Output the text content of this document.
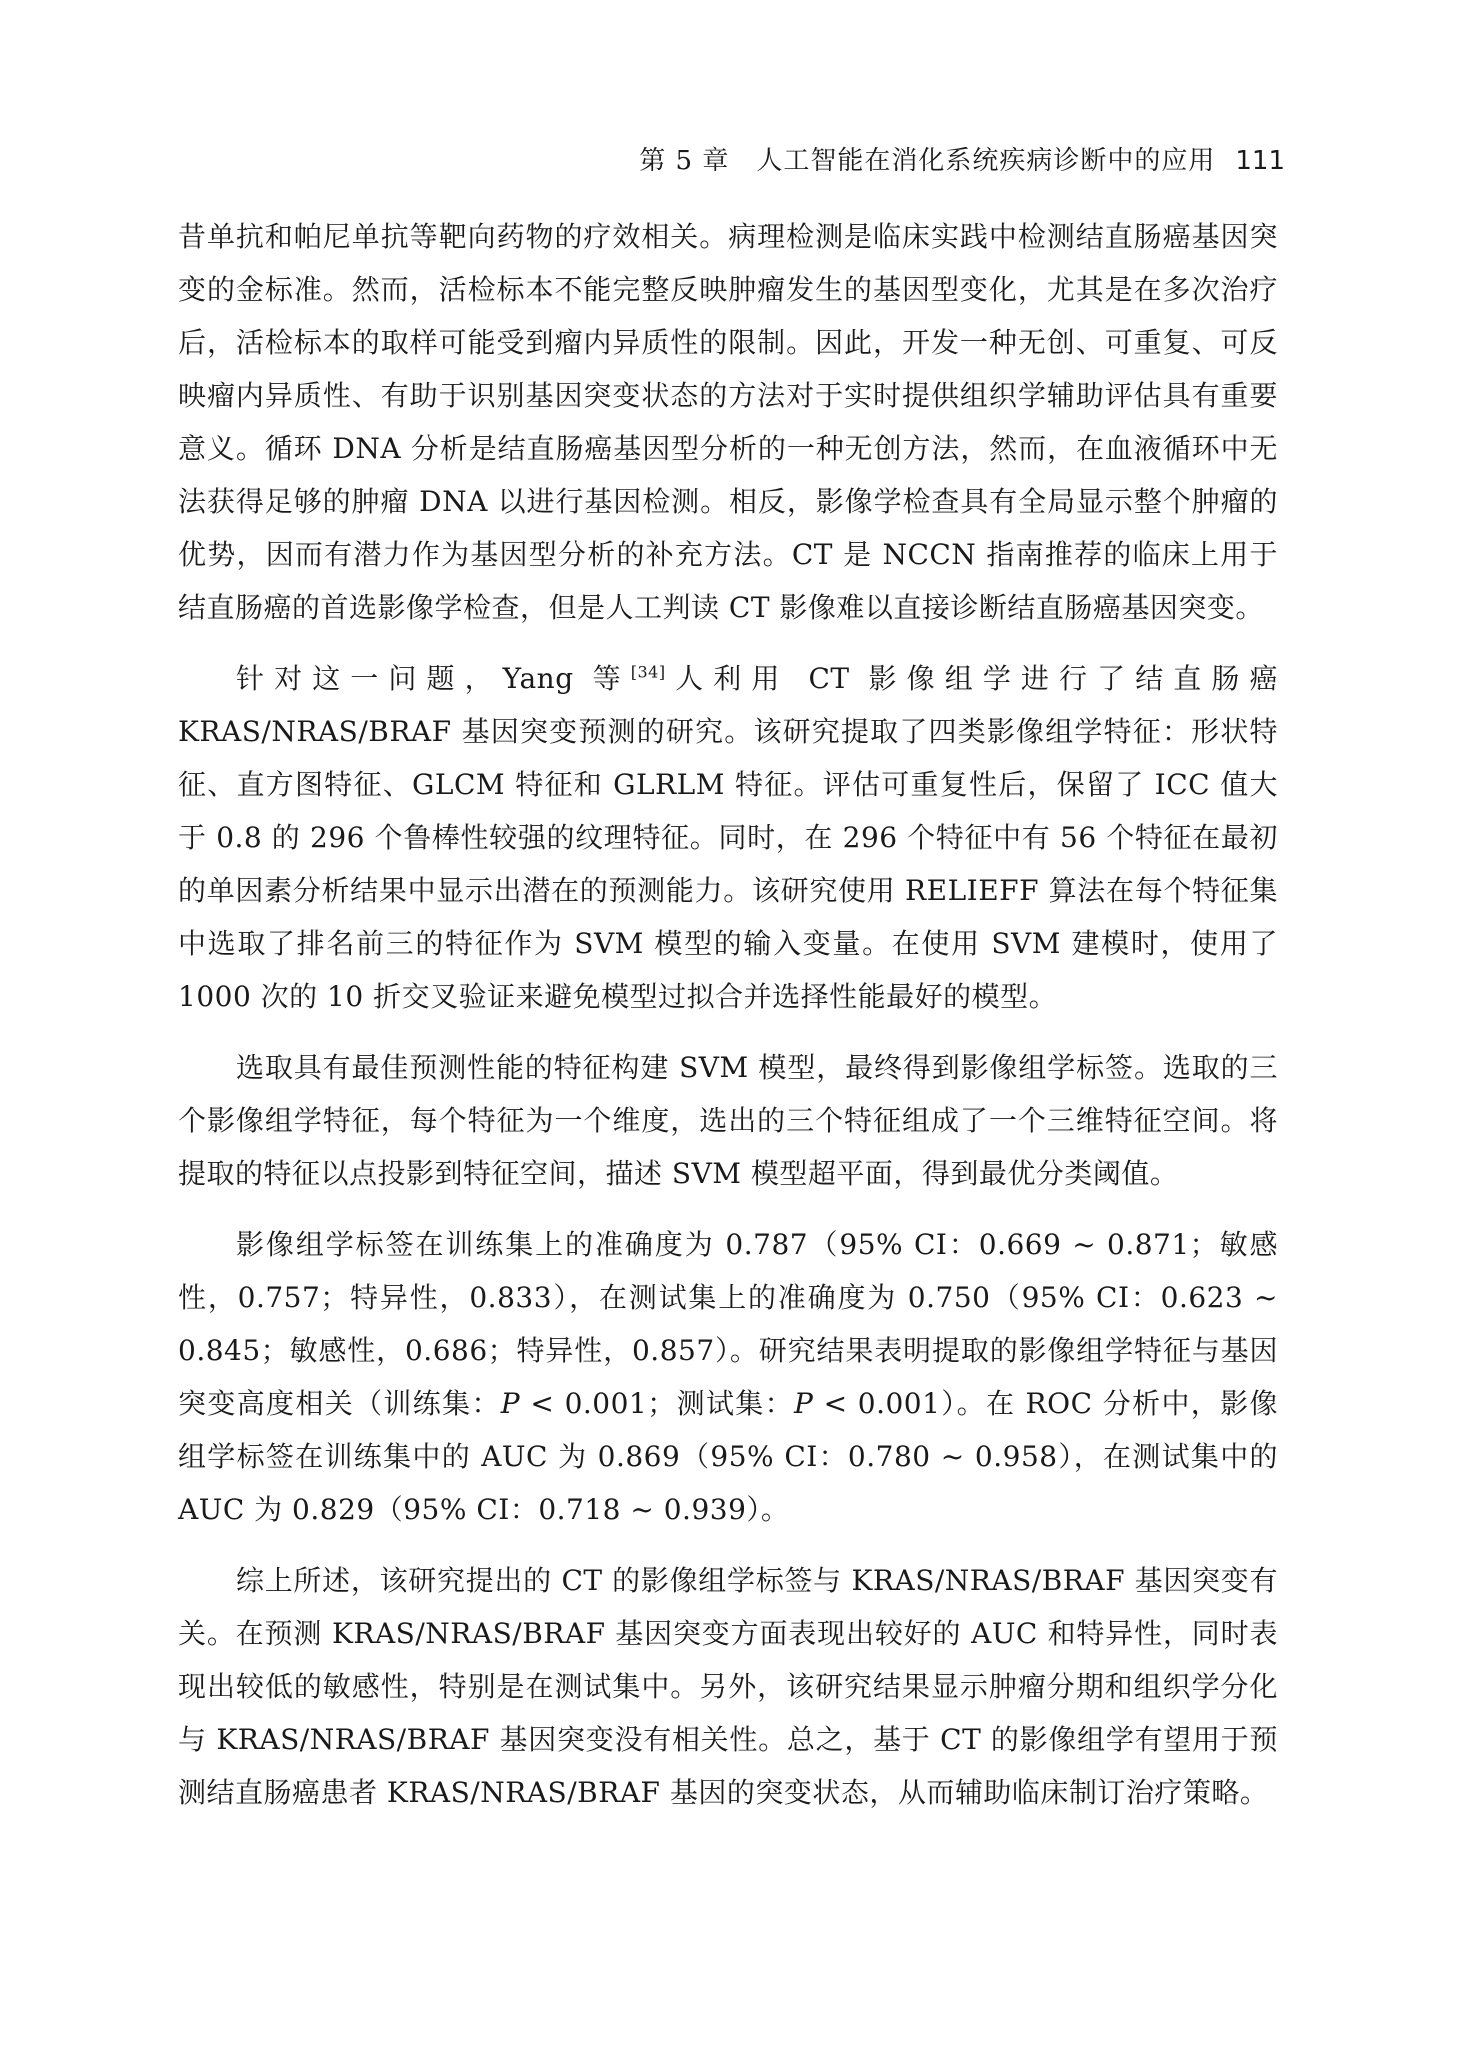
第 5 章　人工智能在消化系统疾病诊断中的应用 111

昔单抗和帕尼单抗等靶向药物的疗效相关。病理检测是临床实践中检测结直肠癌基因突变的金标准。然而，活检标本不能完整反映肿瘤发生的基因型变化，尤其是在多次治疗后，活检标本的取样可能受到瘤内异质性的限制。因此，开发一种无创、可重复、可反映瘤内异质性、有助于识别基因突变状态的方法对于实时提供组织学辅助评估具有重要意义。循环 DNA 分析是结直肠癌基因型分析的一种无创方法，然而，在血液循环中无法获得足够的肿瘤 DNA 以进行基因检测。相反，影像学检查具有全局显示整个肿瘤的优势，因而有潜力作为基因型分析的补充方法。CT 是 NCCN 指南推荐的临床上用于结直肠癌的首选影像学检查，但是人工判读 CT 影像难以直接诊断结直肠癌基因突变。

针对这一问题，Yang 等[34]人利用 CT 影像组学进行了结直肠癌 KRAS/NRAS/BRAF 基因突变预测的研究。该研究提取了四类影像组学特征：形状特征、直方图特征、GLCM 特征和 GLRLM 特征。评估可重复性后，保留了 ICC 值大于 0.8 的 296 个鲁棒性较强的纹理特征。同时，在 296 个特征中有 56 个特征在最初的单因素分析结果中显示出潜在的预测能力。该研究使用 RELIEFF 算法在每个特征集中选取了排名前三的特征作为 SVM 模型的输入变量。在使用 SVM 建模时，使用了 1000 次的 10 折交叉验证来避免模型过拟合并选择性能最好的模型。

选取具有最佳预测性能的特征构建 SVM 模型，最终得到影像组学标签。选取的三个影像组学特征，每个特征为一个维度，选出的三个特征组成了一个三维特征空间。将提取的特征以点投影到特征空间，描述 SVM 模型超平面，得到最优分类阈值。

影像组学标签在训练集上的准确度为 0.787（95% CI：0.669 ~ 0.871；敏感性，0.757；特异性，0.833），在测试集上的准确度为 0.750（95% CI：0.623 ~ 0.845；敏感性，0.686；特异性，0.857）。研究结果表明提取的影像组学特征与基因突变高度相关（训练集：P < 0.001；测试集：P < 0.001）。在 ROC 分析中，影像组学标签在训练集中的 AUC 为 0.869（95% CI：0.780 ~ 0.958），在测试集中的 AUC 为 0.829（95% CI：0.718 ~ 0.939）。

综上所述，该研究提出的 CT 的影像组学标签与 KRAS/NRAS/BRAF 基因突变有关。在预测 KRAS/NRAS/BRAF 基因突变方面表现出较好的 AUC 和特异性，同时表现出较低的敏感性，特别是在测试集中。另外，该研究结果显示肿瘤分期和组织学分化与 KRAS/NRAS/BRAF 基因突变没有相关性。总之，基于 CT 的影像组学有望用于预测结直肠癌患者 KRAS/NRAS/BRAF 基因的突变状态，从而辅助临床制订治疗策略。
